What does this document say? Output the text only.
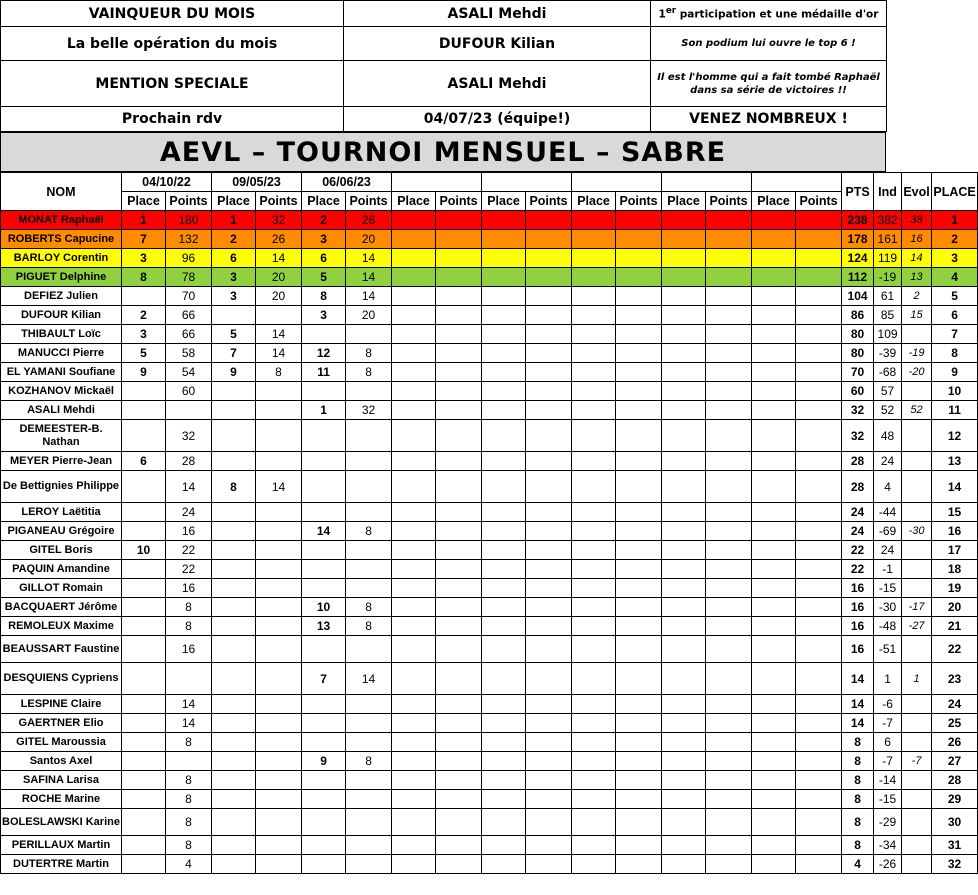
VAINQUEUR DU MOIS	ASALI Mehdi	1er participation et une médaille d'or
La belle opération du mois	DUFOUR Kilian	Son podium lui ouvre le top 6 !
MENTION SPECIALE	ASALI Mehdi	Il est l'homme qui a fait tombé Raphaël dans sa série de victoires !!
Prochain rdv	04/07/23 (équipe!)	VENEZ NOMBREUX !
AEVL – TOURNOI MENSUEL – SABRE
NOM	04/10/22		09/05/23		06/06/23												PTS	Ind	Evol	PLACE
	Place	Points	Place	Points	Place	Points	Place	Points	Place	Points	Place	Points	Place	Points	Place	Points				
MONAT Raphaël	1	180	1	32	2	26											238	382	38	1
ROBERTS Capucine	7	132	2	26	3	20											178	161	16	2
BARLOY Corentin	3	96	6	14	6	14											124	119	14	3
PIGUET Delphine	8	78	3	20	5	14											112	-19	13	4
DEFIEZ Julien		70	3	20	8	14											104	61	2	5
DUFOUR Kilian	2	66			3	20											86	85	15	6
THIBAULT Loïc	3	66	5	14													80	109		7
MANUCCI Pierre	5	58	7	14	12	8											80	-39	-19	8
EL YAMANI Soufiane	9	54	9	8	11	8											70	-68	-20	9
KOZHANOV Mickaël		60															60	57		10
ASALI Mehdi					1	32											32	52	52	11
DEMEESTER-B. Nathan		32															32	48		12
MEYER Pierre-Jean	6	28															28	24		13
De Bettignies Philippe		14	8	14													28	4		14
LEROY Laëtitia		24															24	-44		15
PIGANEAU Grégoire		16			14	8											24	-69	-30	16
GITEL Boris	10	22															22	24		17
PAQUIN Amandine		22															22	-1		18
GILLOT Romain		16															16	-15		19
BACQUAERT Jérôme		8			10	8											16	-30	-17	20
REMOLEUX Maxime		8			13	8											16	-48	-27	21
BEAUSSART Faustine		16															16	-51		22
DESQUIENS Cypriens					7	14											14	1	1	23
LESPINE Claire		14															14	-6		24
GAERTNER Elio		14															14	-7		25
GITEL Maroussia		8															8	6		26
Santos Axel					9	8											8	-7	-7	27
SAFINA Larisa		8															8	-14		28
ROCHE Marine		8															8	-15		29
BOLESLAWSKI Karine		8															8	-29		30
PERILLAUX Martin		8															8	-34		31
DUTERTRE Martin		4															4	-26		32
